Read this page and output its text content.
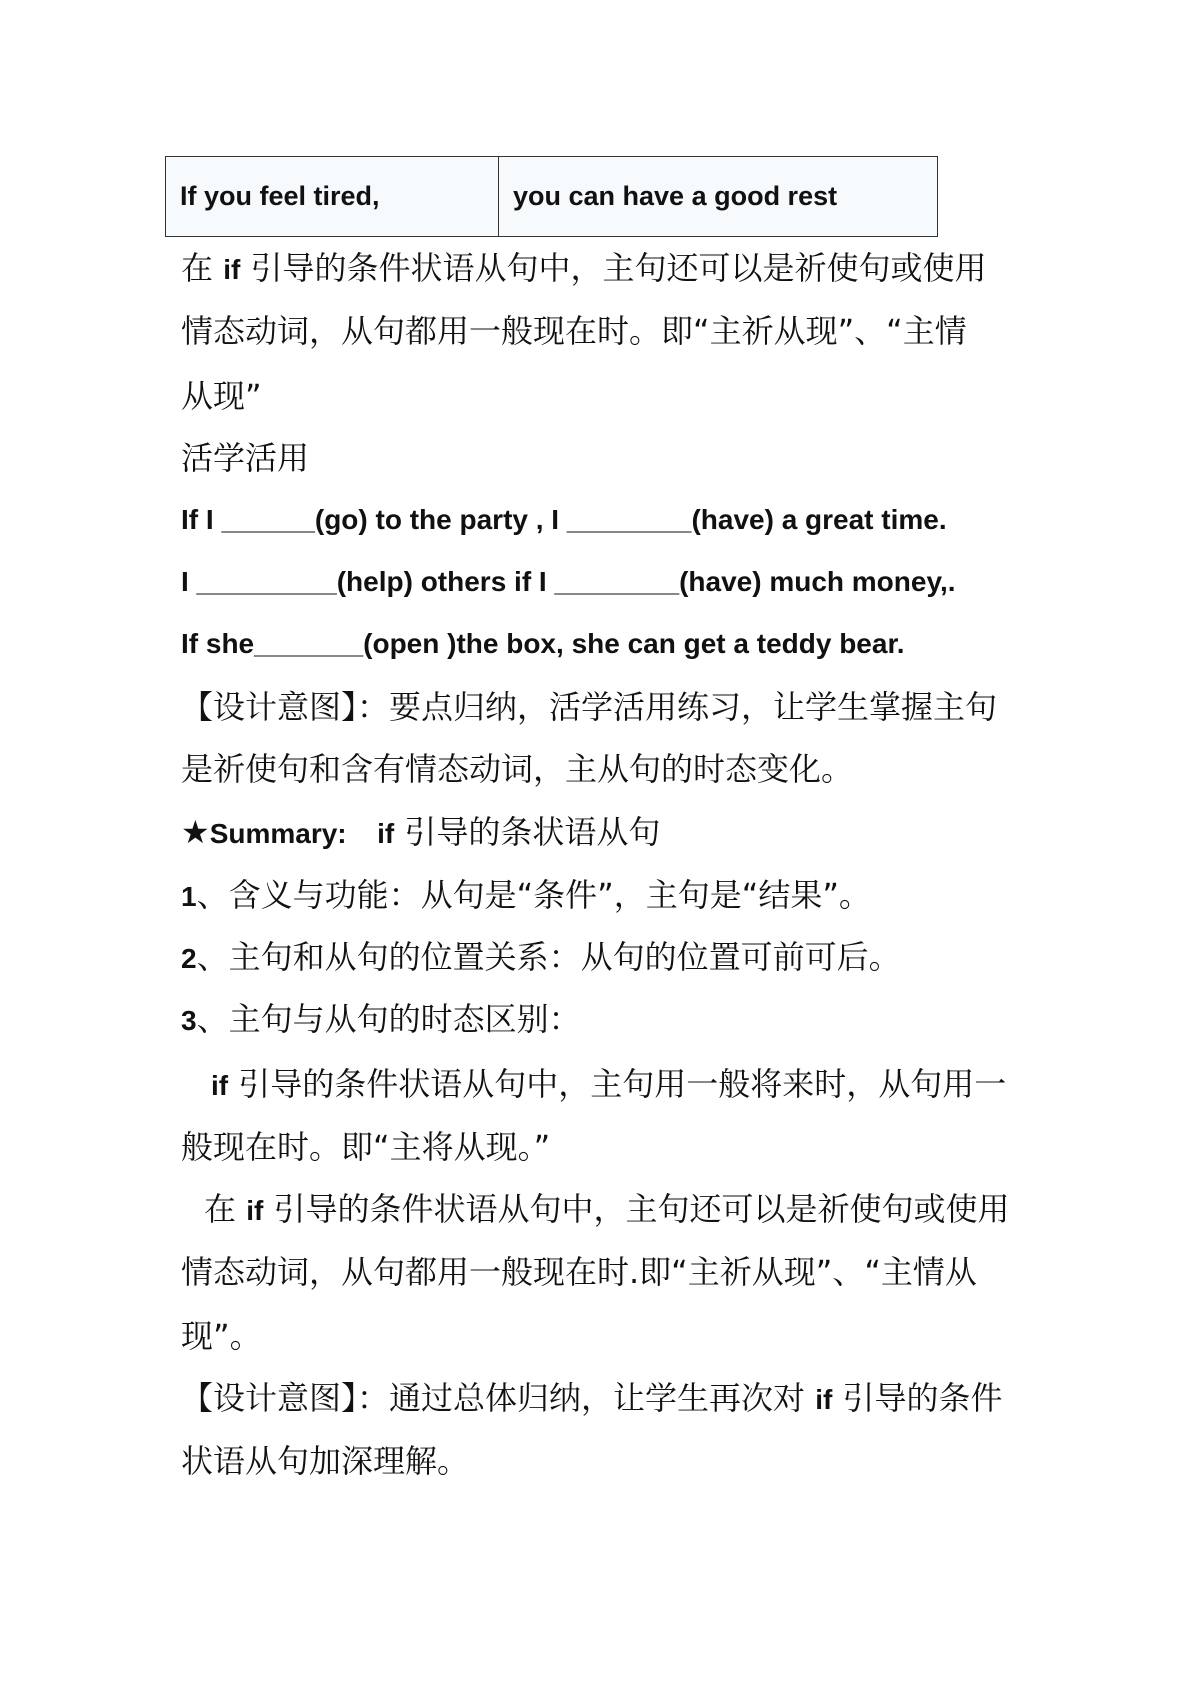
If you feel tired,	you can have a good rest
在 if 引导的条件状语从句中，主句还可以是祈使句或使用
情态动词，从句都用一般现在时。即“主祈从现”、“主情
从现”
活学活用
If I ______(go) to the party , I ________(have) a great time.
I _________(help) others if I ________(have) much money,.
If she_______(open )the box, she can get a teddy bear.
【设计意图】：要点归纳，活学活用练习，让学生掌握主句
是祈使句和含有情态动词，主从句的时态变化。
★Summary: if 引导的条状语从句
1、含义与功能：从句是“条件”，主句是“结果”。
2、主句和从句的位置关系：从句的位置可前可后。
3、主句与从句的时态区别：
if 引导的条件状语从句中，主句用一般将来时，从句用一
般现在时。即“主将从现。”
在 if 引导的条件状语从句中，主句还可以是祈使句或使用
情态动词，从句都用一般现在时.即“主祈从现”、“主情从
现”。
【设计意图】：通过总体归纳，让学生再次对 if 引导的条件
状语从句加深理解。
